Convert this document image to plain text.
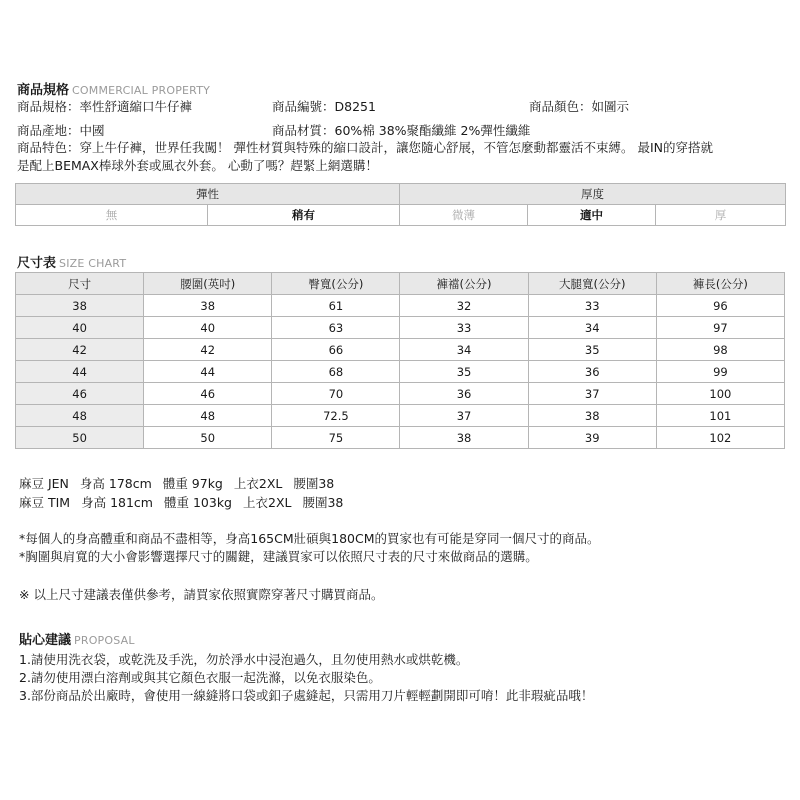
商品規格 COMMERCIAL PROPERTY
商品規格：率性舒適縮口牛仔褲	商品編號：D8251	商品顏色：如圖示
商品產地：中國	商品材質：60%棉 38%聚酯纖維 2%彈性纖維
商品特色：穿上牛仔褲，世界任我闖！ 彈性材質與特殊的縮口設計，讓您隨心舒展，不管怎麼動都靈活不束縛。 最IN的穿搭就
是配上BEMAX棒球外套或風衣外套。 心動了嗎？趕緊上網選購！
彈性		厚度		
無	稍有	微薄	適中	厚
尺寸表 SIZE CHART
尺寸	腰圍(英吋)	臀寬(公分)	褲襠(公分)	大腿寬(公分)	褲長(公分)
38	38	61	32	33	96
40	40	63	33	34	97
42	42	66	34	35	98
44	44	68	35	36	99
46	46	70	36	37	100
48	48	72.5	37	38	101
50	50	75	38	39	102
麻豆 JEN 身高 178cm 體重 97kg 上衣2XL 腰圍38
麻豆 TIM 身高 181cm 體重 103kg 上衣2XL 腰圍38
*每個人的身高體重和商品不盡相等，身高165CM壯碩與180CM的買家也有可能是穿同一個尺寸的商品。
*胸圍與肩寬的大小會影響選擇尺寸的關鍵，建議買家可以依照尺寸表的尺寸來做商品的選購。
※ 以上尺寸建議表僅供參考，請買家依照實際穿著尺寸購買商品。
貼心建議 PROPOSAL
1.請使用洗衣袋，或乾洗及手洗，勿於淨水中浸泡過久，且勿使用熱水或烘乾機。
2.請勿使用漂白溶劑或與其它顏色衣服一起洗滌，以免衣服染色。
3.部份商品於出廠時，會使用一線縫將口袋或釦子處縫起，只需用刀片輕輕劃開即可唷！此非瑕疵品哦！
